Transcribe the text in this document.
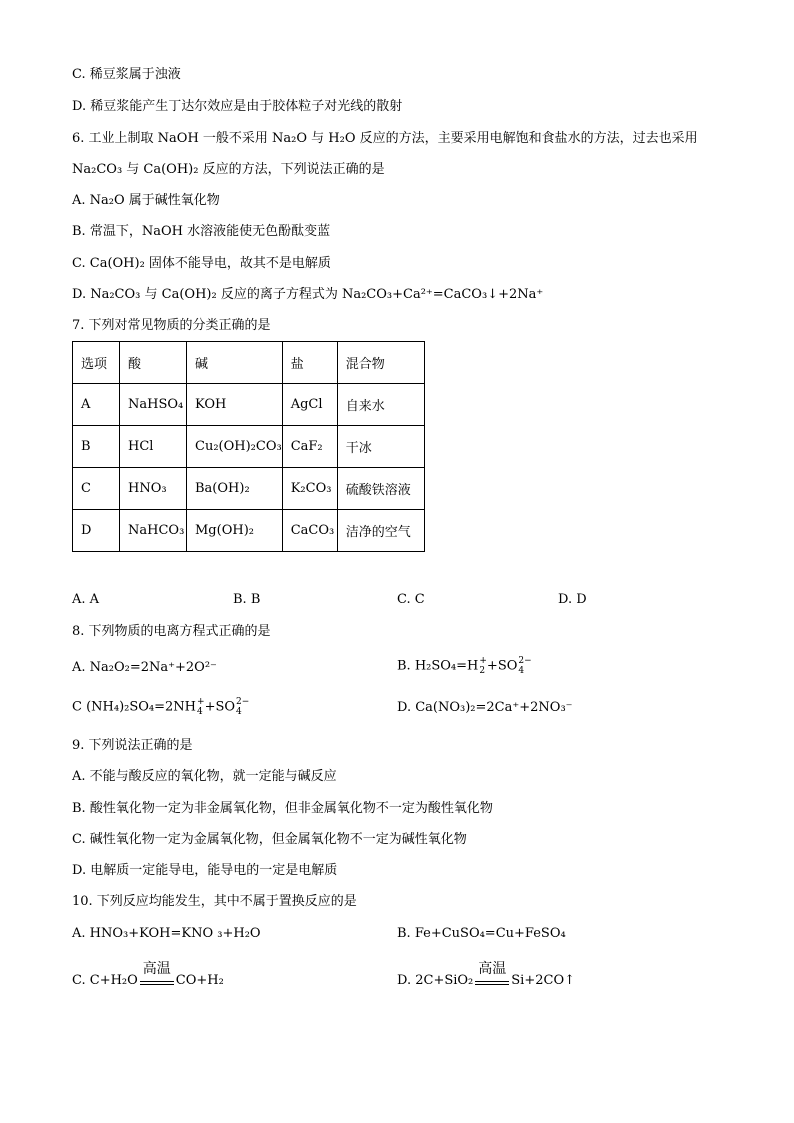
C. 稀豆浆属于浊液
D. 稀豆浆能产生丁达尔效应是由于胶体粒子对光线的散射
6. 工业上制取 NaOH 一般不采用 Na₂O 与 H₂O 反应的方法，主要采用电解饱和食盐水的方法，过去也采用
Na₂CO₃ 与 Ca(OH)₂ 反应的方法，下列说法正确的是
A. Na₂O 属于碱性氧化物
B. 常温下，NaOH 水溶液能使无色酚酞变蓝
C. Ca(OH)₂ 固体不能导电，故其不是电解质
D. Na₂CO₃ 与 Ca(OH)₂ 反应的离子方程式为 Na₂CO₃+Ca²⁺=CaCO₃↓+2Na⁺
7. 下列对常见物质的分类正确的是
选项	酸	碱	盐	混合物
A	NaHSO₄	KOH	AgCl	自来水
B	HCl	Cu₂(OH)₂CO₃	CaF₂	干冰
C	HNO₃	Ba(OH)₂	K₂CO₃	硫酸铁溶液
D	NaHCO₃	Mg(OH)₂	CaCO₃	洁净的空气
A. A	B. B	C. C	D. D
8. 下列物质的电离方程式正确的是
A. Na₂O₂=2Na⁺+2O²⁻	B. H₂SO₄=H +
2 +SO 2−
4
C (NH₄)₂SO₄=2NH +
4 +SO 2−
4	D. Ca(NO₃)₂=2Ca⁺+2NO₃⁻
9. 下列说法正确的是
A. 不能与酸反应的氧化物，就一定能与碱反应
B. 酸性氧化物一定为非金属氧化物，但非金属氧化物不一定为酸性氧化物
C. 碱性氧化物一定为金属氧化物，但金属氧化物不一定为碱性氧化物
D. 电解质一定能导电，能导电的一定是电解质
10. 下列反应均能发生，其中不属于置换反应的是
A. HNO₃+KOH=KNO ₃+H₂O	B. Fe+CuSO₄=Cu+FeSO₄
C. C+H₂O
高温
CO+H₂	D. 2C+SiO₂
高温
Si+2CO↑
